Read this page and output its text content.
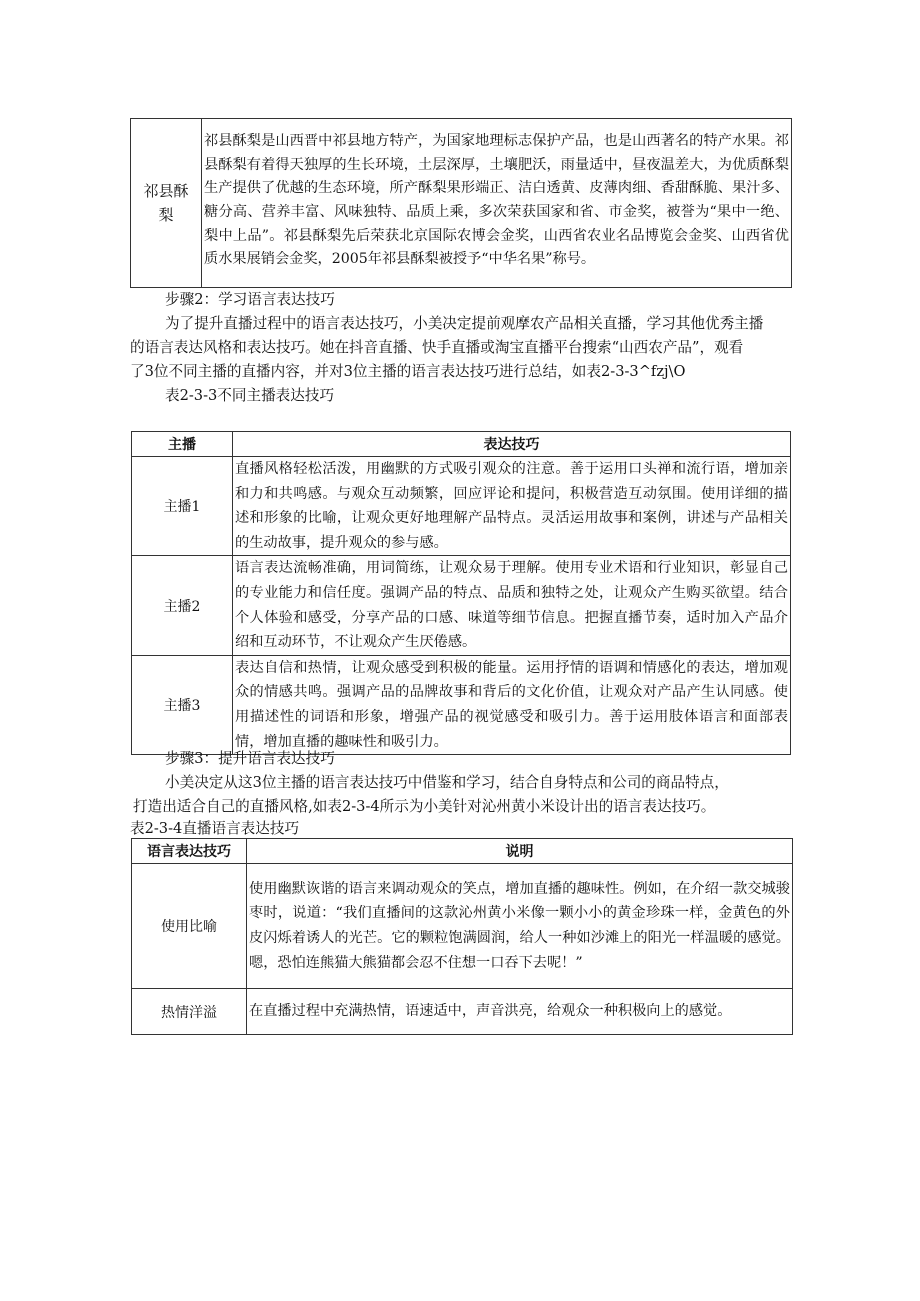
祁县酥梨	祁县酥梨是山西晋中祁县地方特产，为国家地理标志保护产品，也是山西著名的特产水果。祁县酥梨有着得天独厚的生长环境，土层深厚，土壤肥沃，雨量适中，昼夜温差大，为优质酥梨生产提供了优越的生态环境，所产酥梨果形端正、洁白透黄、皮薄肉细、香甜酥脆、果汁多、糖分高、营养丰富、风味独特、品质上乘，多次荣获国家和省、市金奖，被誉为“果中一绝、梨中上品”。祁县酥梨先后荣获北京国际农博会金奖，山西省农业名品博览会金奖、山西省优质水果展销会金奖，2005年祁县酥梨被授予“中华名果”称号。
步骤2：学习语言表达技巧
为了提升直播过程中的语言表达技巧，小美决定提前观摩农产品相关直播，学习其他优秀主播
的语言表达风格和表达技巧。她在抖音直播、快手直播或淘宝直播平台搜索“山西农产品”，观看
了3位不同主播的直播内容，并对3位主播的语言表达技巧进行总结，如表2-3-3^fzj\O
表2-3-3不同主播表达技巧
主播	表达技巧
主播1	直播风格轻松活泼，用幽默的方式吸引观众的注意。善于运用口头禅和流行语，增加亲和力和共鸣感。与观众互动频繁，回应评论和提问，积极营造互动氛围。使用详细的描述和形象的比喻，让观众更好地理解产品特点。灵活运用故事和案例，讲述与产品相关的生动故事，提升观众的参与感。
主播2	语言表达流畅准确，用词简练，让观众易于理解。使用专业术语和行业知识，彰显自己的专业能力和信任度。强调产品的特点、品质和独特之处，让观众产生购买欲望。结合个人体验和感受，分享产品的口感、味道等细节信息。把握直播节奏，适时加入产品介绍和互动环节，不让观众产生厌倦感。
主播3	表达自信和热情，让观众感受到积极的能量。运用抒情的语调和情感化的表达，增加观众的情感共鸣。强调产品的品牌故事和背后的文化价值，让观众对产品产生认同感。使用描述性的词语和形象，增强产品的视觉感受和吸引力。善于运用肢体语言和面部表情，增加直播的趣味性和吸引力。
步骤3：提升语言表达技巧
小美决定从这3位主播的语言表达技巧中借鉴和学习，结合自身特点和公司的商品特点，
打造出适合自己的直播风格,如表2-3-4所示为小美针对沁州黄小米设计出的语言表达技巧。
表2-3-4直播语言表达技巧
语言表达技巧	说明
使用比喻	使用幽默诙谐的语言来调动观众的笑点，增加直播的趣味性。例如，在介绍一款交城骏枣时，说道：“我们直播间的这款沁州黄小米像一颗小小的黄金珍珠一样，金黄色的外皮闪烁着诱人的光芒。它的颗粒饱满圆润，给人一种如沙滩上的阳光一样温暖的感觉。嗯，恐怕连熊猫大熊猫都会忍不住想一口吞下去呢！”
热情洋溢	在直播过程中充满热情，语速适中，声音洪亮，给观众一种积极向上的感觉。
